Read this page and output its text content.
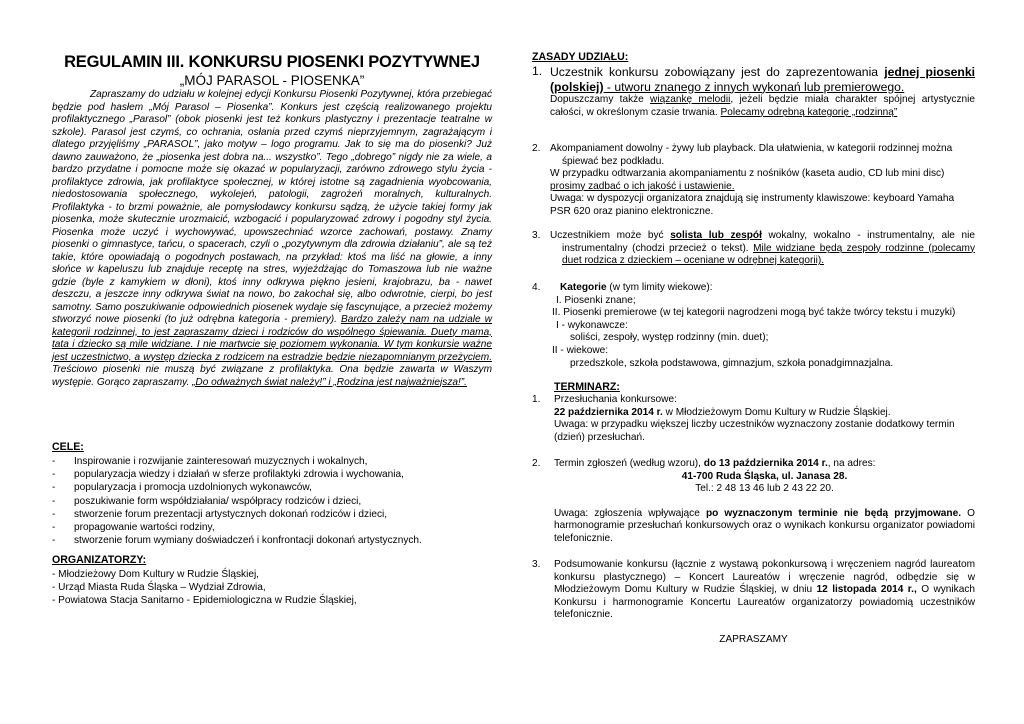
REGULAMIN III. KONKURSU PIOSENKI POZYTYWNEJ
„MÓJ PARASOL - PIOSENKA”

Zapraszamy do udziału w kolejnej edycji Konkursu Piosenki Pozytywnej, która przebiegać będzie pod hasłem „Mój Parasol – Piosenka”. Konkurs jest częścią realizowanego projektu profilaktycznego „Parasol” (obok piosenki jest też konkurs plastyczny i prezentacje teatralne w szkole). Parasol jest czymś, co ochrania, osłania przed czymś nieprzyjemnym, zagrażającym i dlatego przyjęliśmy „PARASOL”, jako motyw – logo programu. Jak to się ma do piosenki? Już dawno zauważono, że „piosenka jest dobra na... wszystko”. Tego „dobrego” nigdy nie za wiele, a bardzo przydatne i pomocne może się okazać w popularyzacji, zarówno zdrowego stylu życia - profilaktyce zdrowia, jak profilaktyce społecznej, w której istotne są zagadnienia wyobcowania, niedostosowania społecznego, wykolejeń, patologii, zagrożeń moralnych, kulturalnych. Profilaktyka - to brzmi poważnie, ale pomysłodawcy konkursu sądzą, że użycie takiej formy jak piosenka, może skutecznie urozmaicić, wzbogacić i popularyzować zdrowy i pogodny styl życia. Piosenka może uczyć i wychowywać, upowszechniać wzorce zachowań, postawy. Znamy piosenki o gimnastyce, tańcu, o spacerach, czyli o „pozytywnym dla zdrowia działaniu”, ale są też takie, które opowiadają o pogodnych postawach, na przykład: ktoś ma liść na głowie, a inny słońce w kapeluszu lub znajduje receptę na stres, wyjeżdżając do Tomaszowa lub nie ważne gdzie (byle z kamykiem w dłoni), ktoś inny odkrywa piękno jesieni, krajobrazu, ba - nawet deszczu, a jeszcze inny odkrywa świat na nowo, bo zakochał się, albo odwrotnie, cierpi, bo jest samotny. Samo poszukiwanie odpowiednich piosenek wydaje się fascynujące, a przecież możemy stworzyć nowe piosenki (to już odrębna kategoria - premiery). Bardzo zależy nam na udziale w kategorii rodzinnej, to jest zapraszamy dzieci i rodziców do wspólnego śpiewania. Duety mama, tata i dziecko są mile widziane. I nie martwcie się poziomem wykonania. W tym konkursie ważne jest uczestnictwo, a występ dziecka z rodzicem na estradzie będzie niezapomnianym przeżyciem. Treściowo piosenki nie muszą być związane z profilaktyka. Ona będzie zawarta w Waszym występie. Gorąco zapraszamy. „Do odważnych świat należy!” i „Rodzina jest najważniejsza!”.

CELE:
- Inspirowanie i rozwijanie zainteresowań muzycznych i wokalnych,
- popularyzacja wiedzy i działań w sferze profilaktyki zdrowia i wychowania,
- popularyzacja i promocja uzdolnionych wykonawców,
- poszukiwanie form współdziałania/ współpracy rodziców i dzieci,
- stworzenie forum prezentacji artystycznych dokonań rodziców i dzieci,
- propagowanie wartości rodziny,
- stworzenie forum wymiany doświadczeń i konfrontacji dokonań artystycznych.
ORGANIZATORZY:
- Młodzieżowy Dom Kultury w Rudzie Śląskiej,
- Urząd Miasta Ruda Śląska – Wydział Zdrowia,
- Powiatowa Stacja Sanitarno - Epidemiologiczna w Rudzie Śląskiej,
ZASADY UDZIAŁU:
1. Uczestnik konkursu zobowiązany jest do zaprezentowania jednej piosenki (polskiej) - utworu znanego z innych wykonań lub premierowego.

Dopuszczamy także wiązankę melodii, jeżeli będzie miała charakter spójnej artystycznie całości, w określonym czasie trwania. Polecamy odrębną kategorię „rodzinną”

2. Akompaniament dowolny - żywy lub playback. Dla ułatwienia, w kategorii rodzinnej można śpiewać bez podkładu.

W przypadku odtwarzania akompaniamentu z nośników (kaseta audio, CD lub mini disc) prosimy zadbać o ich jakość i ustawienie.

Uwaga: w dyspozycji organizatora znajdują się instrumenty klawiszowe: keyboard Yamaha PSR 620 oraz pianino elektroniczne.

3. Uczestnikiem może być solista lub zespół wokalny, wokalno - instrumentalny, ale nie instrumentalny (chodzi przecież o tekst). Mile widziane będą zespoły rodzinne (polecamy duet rodzica z dzieckiem – oceniane w odrębnej kategorii).

4. Kategorie (w tym limity wiekowe):

I. Piosenki znane;

II. Piosenki premierowe (w tej kategorii nagrodzeni mogą być także twórcy tekstu i muzyki)

I - wykonawcze:

soliści, zespoły, występ rodzinny (min. duet);

II - wiekowe:

przedszkole, szkoła podstawowa, gimnazjum, szkoła ponadgimnazjalna.

TERMINARZ:
1. Przesłuchania konkursowe:

22 października 2014 r. w Młodzieżowym Domu Kultury w Rudzie Śląskiej.

Uwaga: w przypadku większej liczby uczestników wyznaczony zostanie dodatkowy termin (dzień) przesłuchań.

2. Termin zgłoszeń (według wzoru), do 13 października 2014 r., na adres:

41-700 Ruda Śląska, ul. Janasa 28.

Tel.: 2 48 13 46 lub 2 43 22 20.

Uwaga: zgłoszenia wpływające po wyznaczonym terminie nie będą przyjmowane. O harmonogramie przesłuchań konkursowych oraz o wynikach konkursu organizator powiadomi telefonicznie.

3. Podsumowanie konkursu (łącznie z wystawą pokonkursową i wręczeniem nagród laureatom konkursu plastycznego) – Koncert Laureatów i wręczenie nagród, odbędzie się w Młodzieżowym Domu Kultury w Rudzie Śląskiej, w dniu 12 listopada 2014 r., O wynikach Konkursu i harmonogramie Koncertu Laureatów organizatorzy powiadomią uczestników telefonicznie.

ZAPRASZAMY
